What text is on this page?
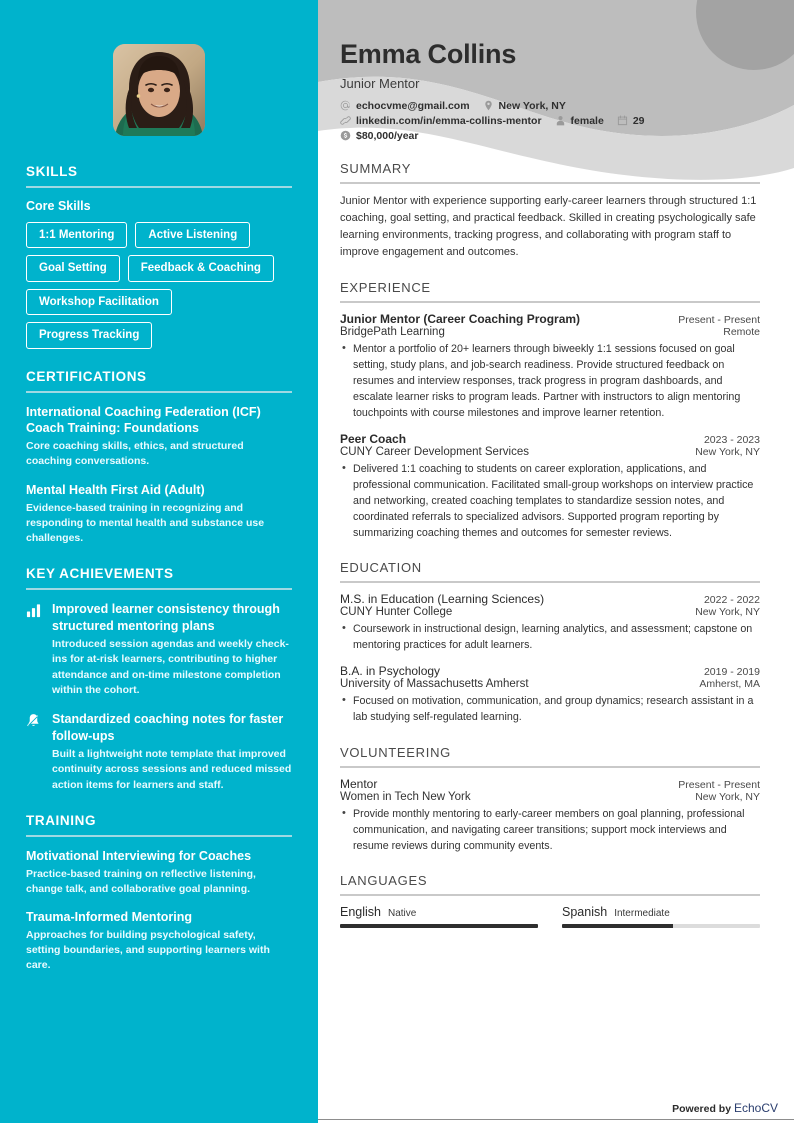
SKILLS
Core Skills
1:1 Mentoring	Active Listening
Goal Setting	Feedback & Coaching
Workshop Facilitation
Progress Tracking
CERTIFICATIONS
International Coaching Federation (ICF) Coach Training: Foundations
Core coaching skills, ethics, and structured coaching conversations.
Mental Health First Aid (Adult)
Evidence-based training in recognizing and responding to mental health and substance use challenges.
KEY ACHIEVEMENTS
Improved learner consistency through structured mentoring plans
Introduced session agendas and weekly check-ins for at-risk learners, contributing to higher attendance and on-time milestone completion within the cohort.
Standardized coaching notes for faster follow-ups
Built a lightweight note template that improved continuity across sessions and reduced missed action items for learners and staff.
TRAINING
Motivational Interviewing for Coaches
Practice-based training on reflective listening, change talk, and collaborative goal planning.
Trauma-Informed Mentoring
Approaches for building psychological safety, setting boundaries, and supporting learners with care.
Emma Collins
Junior Mentor
echocvme@gmail.com	New York, NY
linkedin.com/in/emma-collins-mentor	female	29
$80,000/year
SUMMARY

Junior Mentor with experience supporting early-career learners through structured 1:1 coaching, goal setting, and practical feedback. Skilled in creating psychologically safe learning environments, tracking progress, and collaborating with program staff to improve engagement and outcomes.

EXPERIENCE
Junior Mentor (Career Coaching Program)	Present - Present
BridgePath Learning	Remote
• Mentor a portfolio of 20+ learners through biweekly 1:1 sessions focused on goal setting, study plans, and job-search readiness. Provide structured feedback on resumes and interview responses, track progress in program dashboards, and escalate learner risks to program leads. Partner with instructors to align mentoring touchpoints with course milestones and improve learner retention.
Peer Coach	2023 - 2023
CUNY Career Development Services	New York, NY
• Delivered 1:1 coaching to students on career exploration, applications, and professional communication. Facilitated small-group workshops on interview practice and networking, created coaching templates to standardize session notes, and coordinated referrals to specialized advisors. Supported program reporting by summarizing coaching themes and outcomes for semester reviews.
EDUCATION
M.S. in Education (Learning Sciences)	2022 - 2022
CUNY Hunter College	New York, NY
• Coursework in instructional design, learning analytics, and assessment; capstone on mentoring practices for adult learners.
B.A. in Psychology	2019 - 2019
University of Massachusetts Amherst	Amherst, MA
• Focused on motivation, communication, and group dynamics; research assistant in a lab studying self-regulated learning.
VOLUNTEERING
Mentor	Present - Present
Women in Tech New York	New York, NY
• Provide monthly mentoring to early-career members on goal planning, professional communication, and navigating career transitions; support mock interviews and resume reviews during community events.
LANGUAGES
English Native	Spanish Intermediate
Powered by EchoCV
